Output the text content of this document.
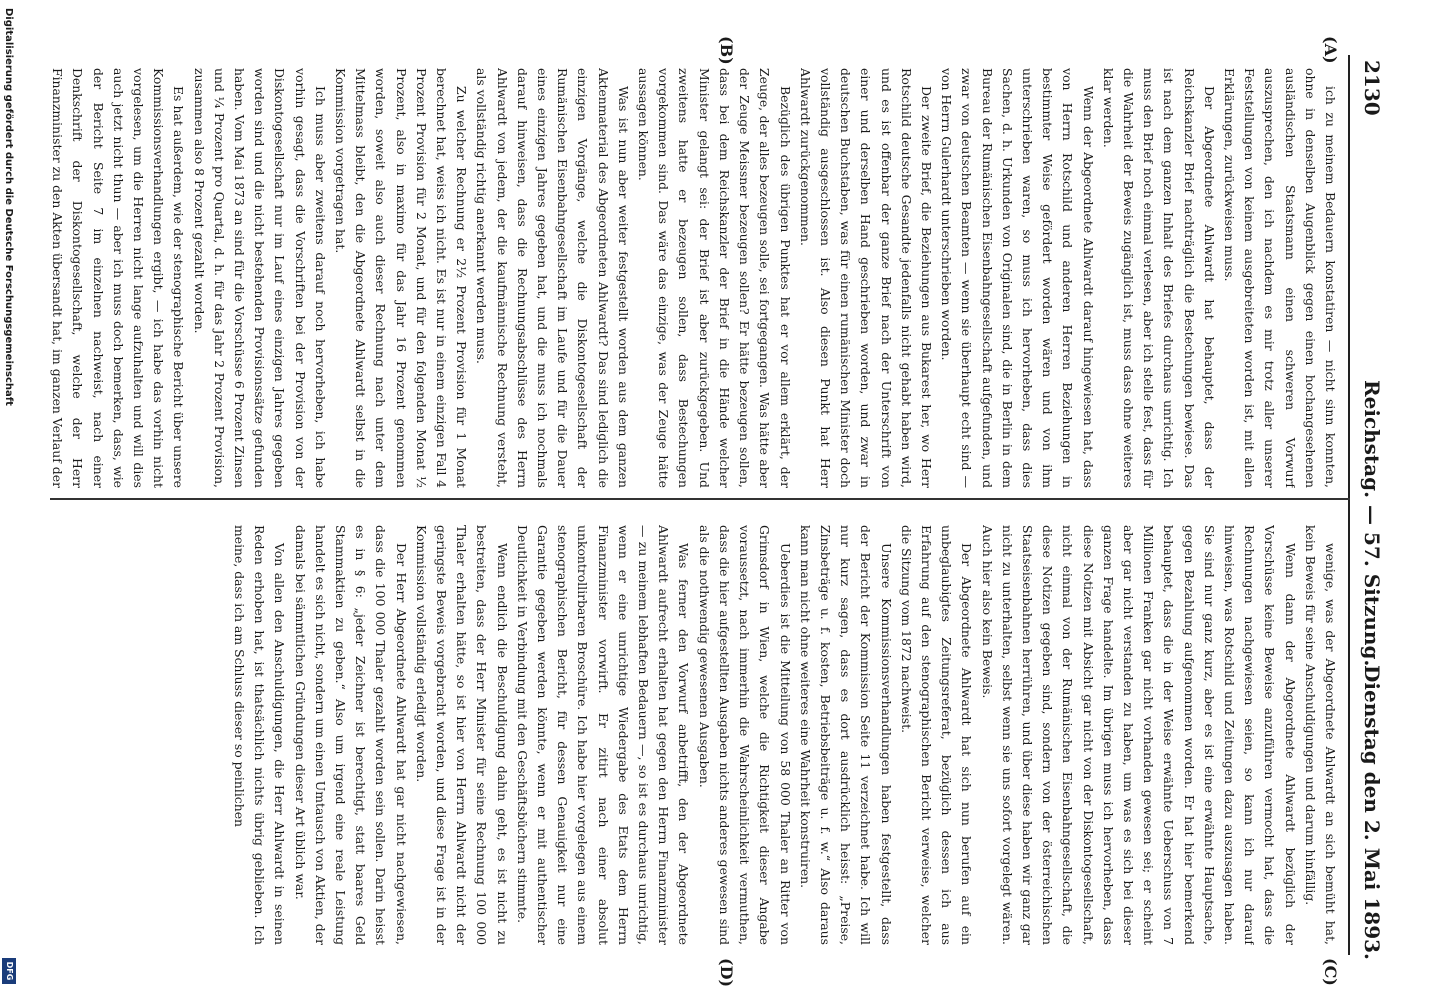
2130
Reichstag. — 57. Sitzung.
Dienstag den 2. Mai 1893.
(A)
(B)
(C)
(D)

ich zu meinem Bedauern konstatiren — nicht sinn konnten, ohne in denselben Augenblick gegen einen hochangesehenen ausländischen Staatsmann einen schweren Vorwurf auszusprechen, den ich nachdem es mir trotz aller unserer Feststellungen von keinem ausgebreiteten worden ist, mit allen Erklärungen, zurückweisen muss.

Der Abgeordnete Ahlwardt hat behauptet, dass der Reichskanzler Brief nachträglich die Bestechungen bewiese. Das ist nach dem ganzen Inhalt des Briefes durchaus unrichtig. Ich muss den Brief noch einmal verlesen, aber ich stelle fest, dass für die Wahrheit der Beweis zugänglich ist, muss dass ohne weiteres klar werden.

Wenn der Abgeordnete Ahlwardt darauf hingewiesen hat, dass von Herrn Rotschild und anderen Herren Beziehungen in bestimmter Weise gefördert worden wären und von ihm unterschrieben waren, so muss ich hervorheben, dass dies Sachen, d. h. Urkunden von Originalen sind, die in Berlin in dem Bureau der Rumänischen Eisenbahngesellschaft aufgefunden, und zwar von deutschen Beamten — wenn sie überhaupt echt sind — von Herrn Gulerhardt unterschrieben worden.

Der zweite Brief, die Beziehungen aus Bukarest her, wo Herr Rotschild deutsche Gesandte jedenfalls nicht gehabt haben wird, und es ist offenbar der ganze Brief nach der Unterschrift von einer und derselben Hand geschrieben worden, und zwar in deutschen Buchstaben, was für einen rumänischen Minister doch vollständig ausgeschlossen ist. Also diesen Punkt hat Herr Ahlwardt zurückgenommen.

Bezüglich des übrigen Punktes hat er vor allem erklärt, der Zeuge, der alles bezeugen solle, sei fortgegangen. Was hätte aber der Zeuge Meissner bezeugen sollen? Er hätte bezeugen sollen, dass bei dem Reichskanzler der Brief in die Hände welcher Minister gelangt sei: der Brief ist aber zurückgegeben. Und zweitens hatte er bezeugen sollen, dass Bestechungen vorgekommen sind. Das wäre das einzige, was der Zeuge hätte aussagen können.

Was ist nun aber weiter festgestellt worden aus dem ganzen Aktenmaterial des Abgeordneten Ahlwardt? Das sind lediglich die einzigen Vorgänge, welche die Diskontogesellschaft der Rumänischen Eisenbahngesellschaft im Laufe und für die Dauer eines einzigen Jahres gegeben hat, und die muss ich nochmals darauf hinweisen, dass die Rechnungsabschlüsse des Herrn Ahlwardt von jedem, der die kaufmännische Rechnung versteht, als vollständig richtig anerkannt werden muss.

Zu welcher Rechnung er 2½ Prozent Provision für 1 Monat berechnet hat, weiss ich nicht. Es ist nur in einem einzigen Fall 4 Prozent Provision für 2 Monat, und für den folgenden Monat ½ Prozent, also in maximo für das Jahr 16 Prozent genommen worden, soweit also auch dieser Rechnung nach unter dem Mittelmass bleibt, den die Abgeordnete Ahlwardt selbst in die Kommission vorgetragen hat.

Ich muss aber zweitens darauf noch hervorheben, ich habe vorhin gesagt, dass die Vorschriften bei der Provision von der Diskontogesellschaft nur im Lauf eines einzigen Jahres gegeben worden sind und die nicht bestehenden Provisionssätze gefunden haben. Vom Mai 1873 an sind für die Vorschüsse 6 Prozent Zinsen und ¼ Prozent pro Quartal, d. h. für das Jahr 2 Prozent Provision, zusammen also 8 Prozent gezahlt worden.

Es hat außerdem, wie der stenographische Bericht über unsere Kommissionsverhandlungen ergibt, — ich habe das vorhin nicht vorgelesen, um die Herren nicht lange aufzuhalten und will dies auch jetzt nicht thun — aber ich muss doch bemerken, dass, wie der Bericht Seite 7 im einzelnen nachweist, nach einer Denkschrift der Diskontogesellschaft, welche der Herr Finanzminister zu den Akten übersandt hat, im ganzen Verlauf der

wenige, was der Abgeordnete Ahlwardt an sich bemüht hat, kein Beweis für seine Anschuldigungen und darum hinfällig.

Wenn dann der Abgeordnete Ahlwardt bezüglich der Vorschüsse keine Beweise anzuführen vermocht hat, dass die Rechnungen nachgewiesen seien, so kann ich nur darauf hinweisen, was Rotschild und Zeitungen dazu auszusagen haben. Sie sind nur ganz kurz, aber es ist eine erwähnte Hauptsache, gegen Bezahlung aufgenommen worden. Er hat hier bemerkend behauptet, dass die in der Weise erwähnte Ueberschuss von 7 Millionen Franken gar nicht vorhanden gewesen sei; er scheint aber gar nicht verstanden zu haben, um was es sich bei dieser ganzen Frage handelte. Im übrigen muss ich hervorheben, dass diese Notizen mit Absicht gar nicht von der Diskontogesellschaft, nicht einmal von der Rumänischen Eisenbahngesellschaft, die diese Notizen gegeben sind, sondern von der österreichischen Staatseisenbahnen herrühren, und über diese haben wir ganz gar nicht zu unterhalten, selbst wenn sie uns sofort vorgelegt wären. Auch hier also kein Beweis.

Der Abgeordnete Ahlwardt hat sich nun berufen auf ein unbeglaubigtes Zeitungsreferat, bezüglich dessen ich aus Erfahrung auf den stenographischen Bericht verweise, welcher die Sitzung vom 1872 nachweist.

Unsere Kommissionsverhandlungen haben festgestellt, dass der Bericht der Kommission Seite 11 verzeichnet habe. Ich will nur kurz sagen, dass es dort ausdrücklich heisst: „Preise, Zinsbeträge u. f. kosten, Betriebsbeiträge u. f. w.“ Also daraus kann man nicht ohne weiteres eine Wahrheit konstruiren.

Ueberdies ist die Mitteilung von 58 000 Thaler an Ritter von Grimsdorf in Wien, welche die Richtigkeit dieser Angabe voraussetzt, nach immerhin die Wahrscheinlichkeit vermuthen, dass die hier aufgestellten Ausgaben nichts anderes gewesen sind als die nothwendig gewesenen Ausgaben.

Was ferner den Vorwurf anbetrifft, den der Abgeordnete Ahlwardt aufrecht erhalten hat gegen den Herrn Finanzminister — zu meinem lebhaften Bedauern —, so ist es durchaus unrichtig, wenn er eine unrichtige Wiedergabe des Etats dem Herrn Finanzminister vorwirft. Er zitirt nach einer absolut unkontrollirbaren Broschüre. Ich habe hier vorgelegen aus einem stenographischen Bericht, für dessen Genauigkeit nur eine Garantie gegeben werden könnte, wenn er mit authentischer Deutlichkeit in Verbindung mit den Geschäftsbüchern stimmte.

Wenn endlich die Beschuldigung dahin geht, es ist nicht zu bestreiten, dass der Herr Minister für seine Rechnung 100 000 Thaler erhalten hätte, so ist hier von Herrn Ahlwardt nicht der geringste Beweis vorgebracht worden, und diese Frage ist in der Kommission vollständig erledigt worden.

Der Herr Abgeordnete Ahlwardt hat gar nicht nachgewiesen, dass die 100 000 Thaler gezahlt worden sein sollen. Darin heisst es in § 6: „jeder Zeichner ist berechtigt, statt baares Geld Stammaktien zu geben.“ Also um irgend eine reale Leistung handelt es sich nicht, sondern um einen Umtausch von Aktien, der damals bei sämmtlichen Gründungen dieser Art üblich war.

Von allen den Anschuldigungen, die Herr Ahlwardt in seinen Reden erhoben hat, ist thatsächlich nichts übrig geblieben. Ich meine, dass ich am Schluss dieser so peinlichen

Digitalisierung gefördert durch die Deutsche Forschungsgemeinschaft
DFG
